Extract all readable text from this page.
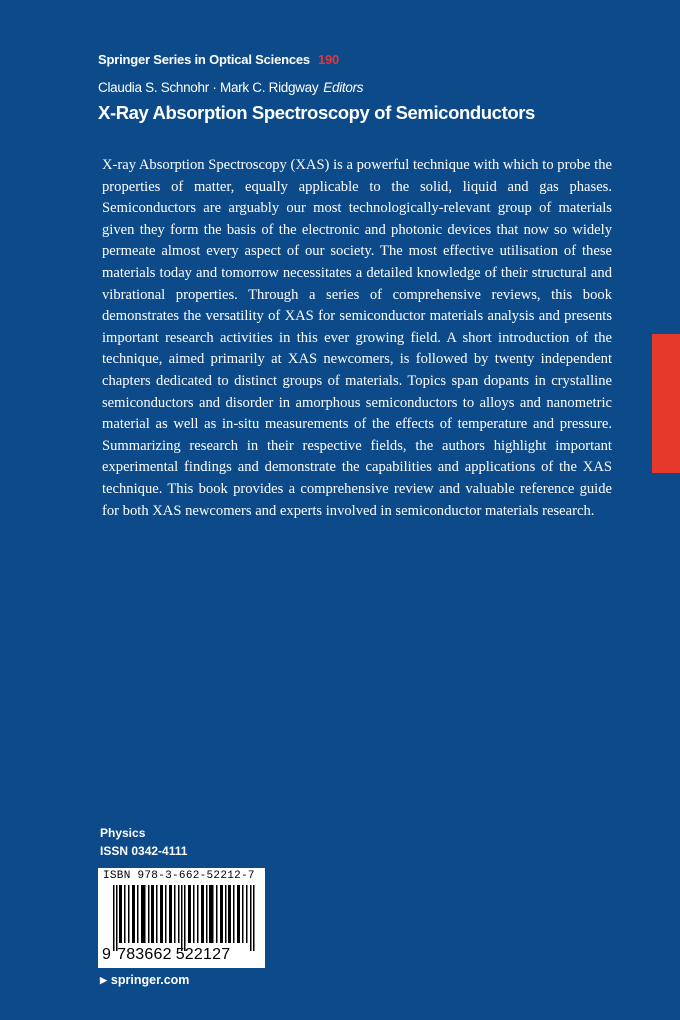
Springer Series in Optical Sciences 190
Claudia S. Schnohr · Mark C. Ridgway Editors
X-Ray Absorption Spectroscopy of Semiconductors
X-ray Absorption Spectroscopy (XAS) is a powerful technique with which to probe the properties of matter, equally applicable to the solid, liquid and gas phases. Semiconductors are arguably our most technologically-relevant group of materials given they form the basis of the electronic and photonic devices that now so widely permeate almost every aspect of our society. The most effective utilisation of these materials today and tomorrow necessitates a detailed knowledge of their structural and vibrational properties. Through a series of comprehensive reviews, this book demonstrates the versatility of XAS for semiconductor materials analysis and presents important research activities in this ever growing field. A short introduction of the technique, aimed primarily at XAS newcomers, is followed by twenty independent chapters dedicated to distinct groups of materials. Topics span dopants in crystalline semiconductors and disorder in amorphous semiconductors to alloys and nanometric material as well as in-situ measurements of the effects of temperature and pressure. Summarizing research in their respective fields, the authors highlight important experimental findings and demonstrate the capabilities and applications of the XAS technique. This book provides a comprehensive review and valuable reference guide for both XAS newcomers and experts involved in semiconductor materials research.
Physics
ISSN 0342-4111
ISBN 978-3-662-52212-7
9 783662 522127
▶ springer.com
